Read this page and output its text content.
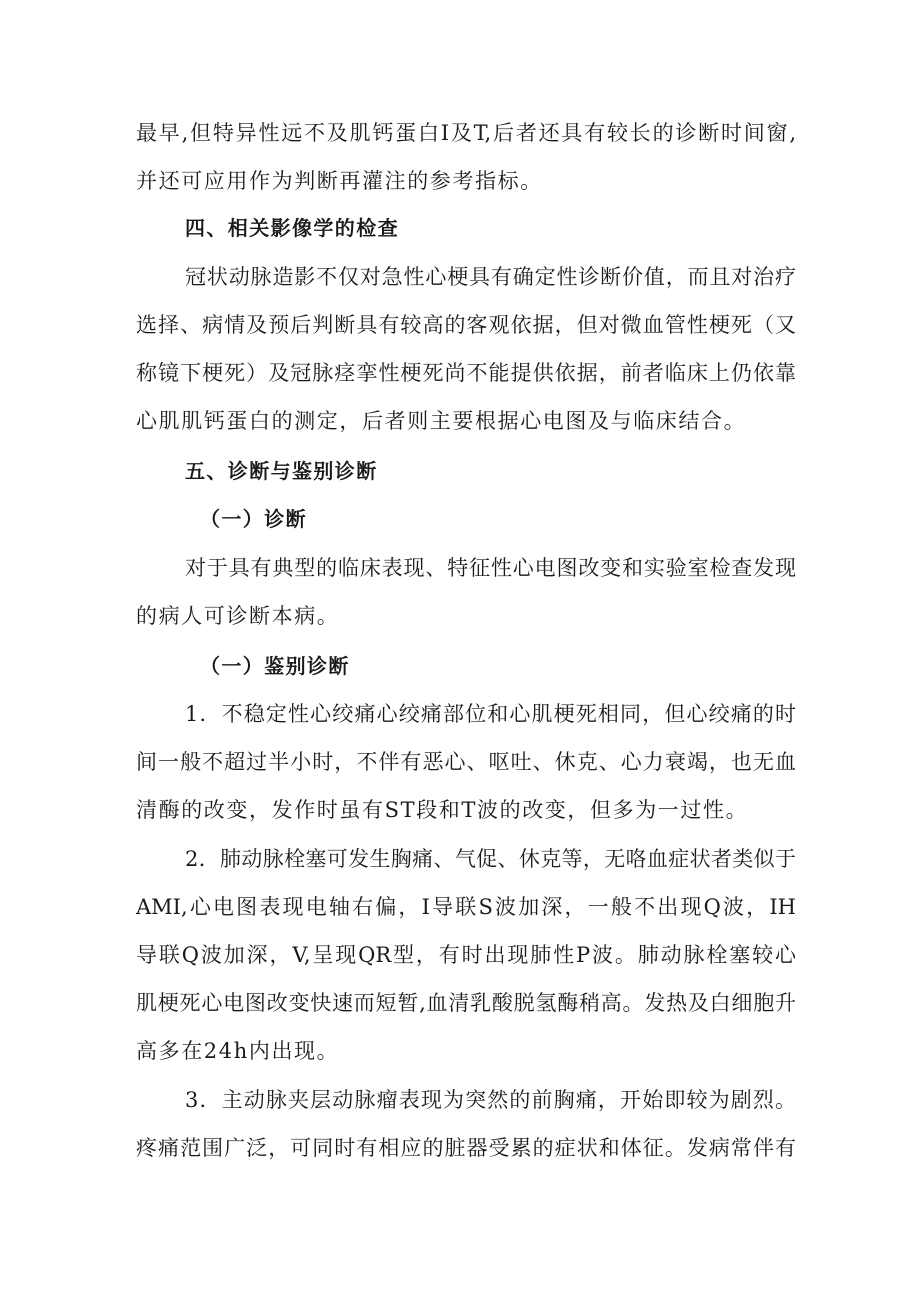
最早,但特异性远不及肌钙蛋白Ⅰ及T,后者还具有较长的诊断时间窗,
并还可应用作为判断再灌注的参考指标。
四、相关影像学的检查
冠状动脉造影不仅对急性心梗具有确定性诊断价值，而且对治疗
选择、病情及预后判断具有较高的客观依据，但对微血管性梗死（又
称镜下梗死）及冠脉痉挛性梗死尚不能提供依据，前者临床上仍依靠
心肌肌钙蛋白的测定，后者则主要根据心电图及与临床结合。
五、诊断与鉴别诊断
（一）诊断
对于具有典型的临床表现、特征性心电图改变和实验室检查发现
的病人可诊断本病。
（一）鉴别诊断
1．不稳定性心绞痛心绞痛部位和心肌梗死相同，但心绞痛的时
间一般不超过半小时，不伴有恶心、呕吐、休克、心力衰竭，也无血
清酶的改变，发作时虽有ST段和T波的改变，但多为一过性。
2．肺动脉栓塞可发生胸痛、气促、休克等，无咯血症状者类似于
AMI,心电图表现电轴右偏，Ⅰ导联S波加深，一般不出现Q波，IH
导联Q波加深，V,呈现QR型，有时出现肺性P波。肺动脉栓塞较心
肌梗死心电图改变快速而短暂,血清乳酸脱氢酶稍高。发热及白细胞升
高多在24h内出现。
3．主动脉夹层动脉瘤表现为突然的前胸痛，开始即较为剧烈。
疼痛范围广泛，可同时有相应的脏器受累的症状和体征。发病常伴有
